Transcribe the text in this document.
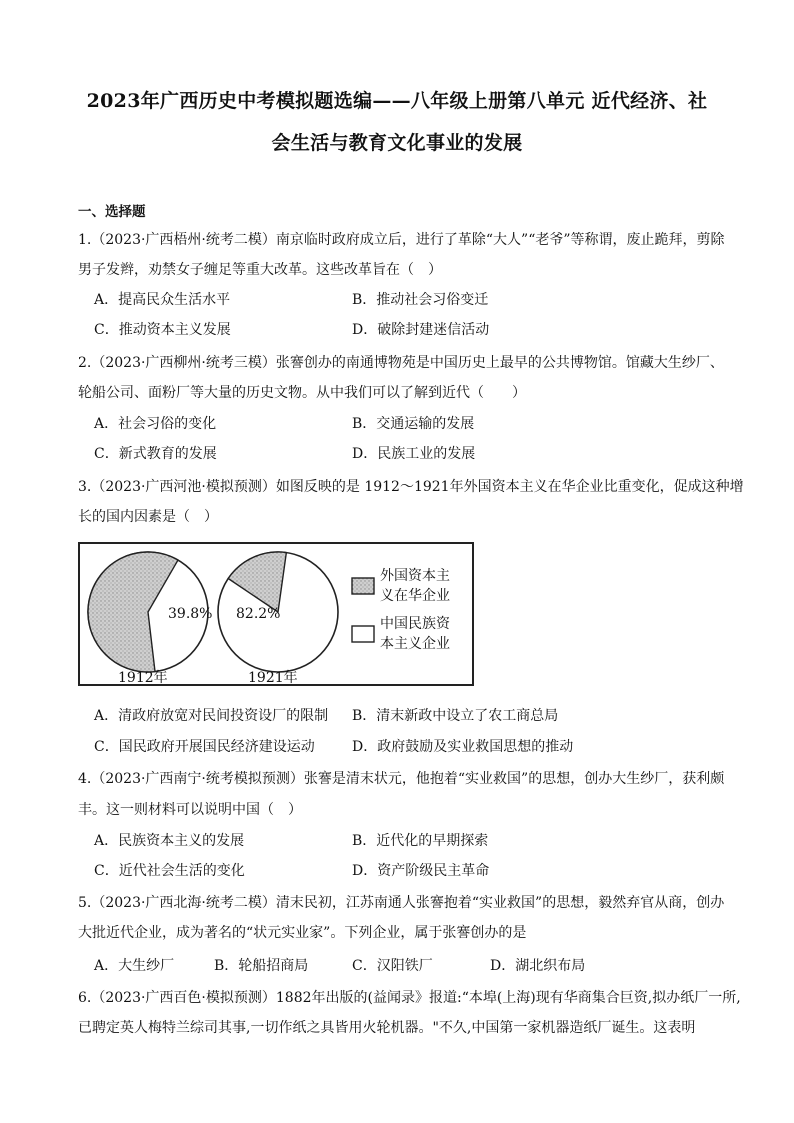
2023年广西历史中考模拟题选编——八年级上册第八单元 近代经济、社
会生活与教育文化事业的发展
一、选择题
1.（2023·广西梧州·统考二模）南京临时政府成立后，进行了革除“大人”“老爷”等称谓，废止跪拜，剪除
男子发辫，劝禁女子缠足等重大改革。这些改革旨在（　）
A．提高民众生活水平	B．推动社会习俗变迁
C．推动资本主义发展	D．破除封建迷信活动
2.（2023·广西柳州·统考三模）张謇创办的南通博物苑是中国历史上最早的公共博物馆。馆藏大生纱厂、
轮船公司、面粉厂等大量的历史文物。从中我们可以了解到近代（　　）
A．社会习俗的变化	B．交通运输的发展
C．新式教育的发展	D．民族工业的发展
3.（2023·广西河池·模拟预测）如图反映的是 1912～1921年外国资本主义在华企业比重变化，促成这种增
长的国内因素是（　）
39.8%
1912年
82.2%
1921年
外国资本主
义在华企业
中国民族资
本主义企业
A．清政府放宽对民间投资设厂的限制 B．清末新政中设立了农工商总局
C．国民政府开展国民经济建设运动	D．政府鼓励及实业救国思想的推动
4.（2023·广西南宁·统考模拟预测）张謇是清末状元，他抱着“实业救国”的思想，创办大生纱厂，获利颇
丰。这一则材料可以说明中国（　）
A．民族资本主义的发展	B．近代化的早期探索
C．近代社会生活的变化	D．资产阶级民主革命
5.（2023·广西北海·统考二模）清末民初，江苏南通人张謇抱着“实业救国”的思想，毅然弃官从商，创办
大批近代企业，成为著名的“状元实业家”。下列企业，属于张謇创办的是
A．大生纱厂	B．轮船招商局	C．汉阳铁厂	D．湖北织布局
6.（2023·广西百色·模拟预测）1882年出版的(益闻录》报道:“本埠(上海)现有华商集合巨资,拟办纸厂一所,
已聘定英人梅特兰综司其事,一切作纸之具皆用火轮机器。"不久,中国第一家机器造纸厂诞生。这表明
